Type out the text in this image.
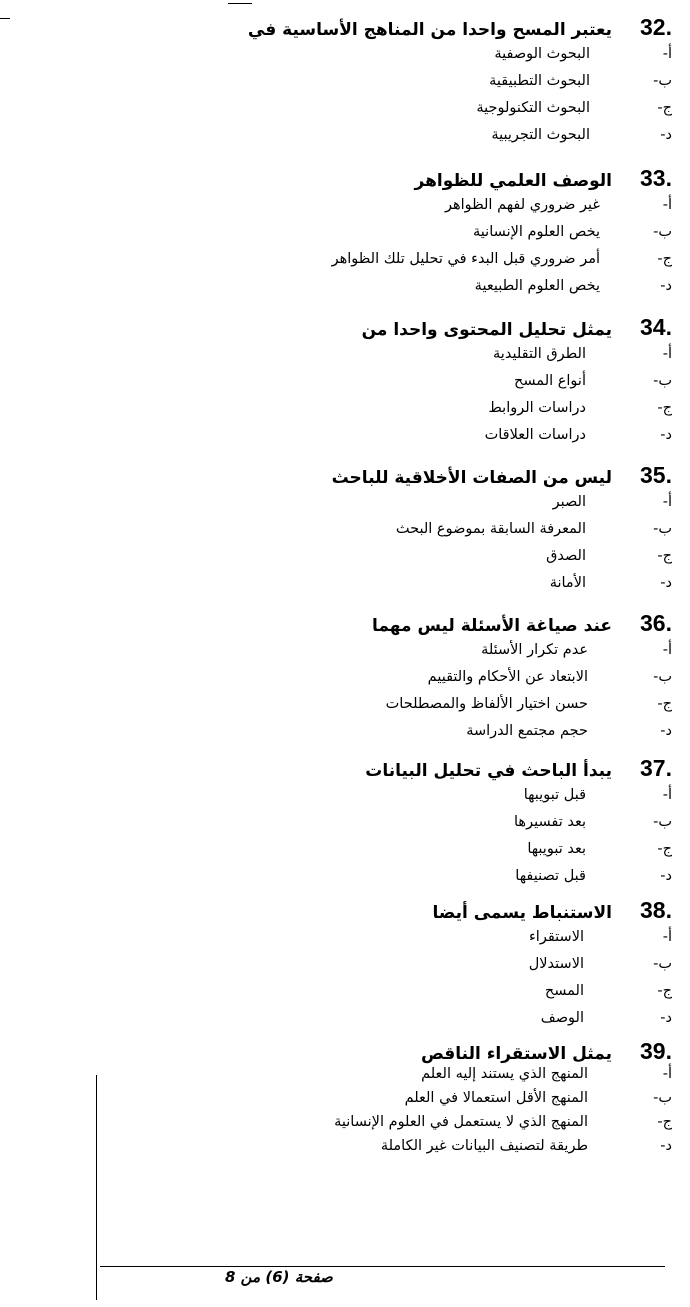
32.
يعتبر المسح واحدا من المناهج الأساسية في
أ-
البحوث الوصفية
ب-
البحوث التطبيقية
ج-
البحوث التكنولوجية
د-
البحوث التجريبية
33.
الوصف العلمي للظواهر
أ-
غير ضروري لفهم الظواهر
ب-
يخص العلوم الإنسانية
ج-
أمر ضروري قبل البدء في تحليل تلك الظواهر
د-
يخص العلوم الطبيعية
34.
يمثل تحليل المحتوى واحدا من
أ-
الطرق التقليدية
ب-
أنواع المسح
ج-
دراسات الروابط
د-
دراسات العلاقات
35.
ليس من الصفات الأخلاقية للباحث
أ-
الصبر
ب-
المعرفة السابقة بموضوع البحث
ج-
الصدق
د-
الأمانة
36.
عند صياغة الأسئلة ليس مهما
أ-
عدم تكرار الأسئلة
ب-
الابتعاد عن الأحكام والتقييم
ج-
حسن اختيار الألفاظ والمصطلحات
د-
حجم مجتمع الدراسة
37.
يبدأ الباحث في تحليل البيانات
أ-
قبل تبويبها
ب-
بعد تفسيرها
ج-
بعد تبويبها
د-
قبل تصنيفها
38.
الاستنباط يسمى أيضا
أ-
الاستقراء
ب-
الاستدلال
ج-
المسح
د-
الوصف
39.
يمثل الاستقراء الناقص
أ-
المنهج الذي يستند إليه العلم
ب-
المنهج الأقل استعمالا في العلم
ج-
المنهج الذي لا يستعمل في العلوم الإنسانية
د-
طريقة لتصنيف البيانات غير الكاملة
صفحة (6) من 8
